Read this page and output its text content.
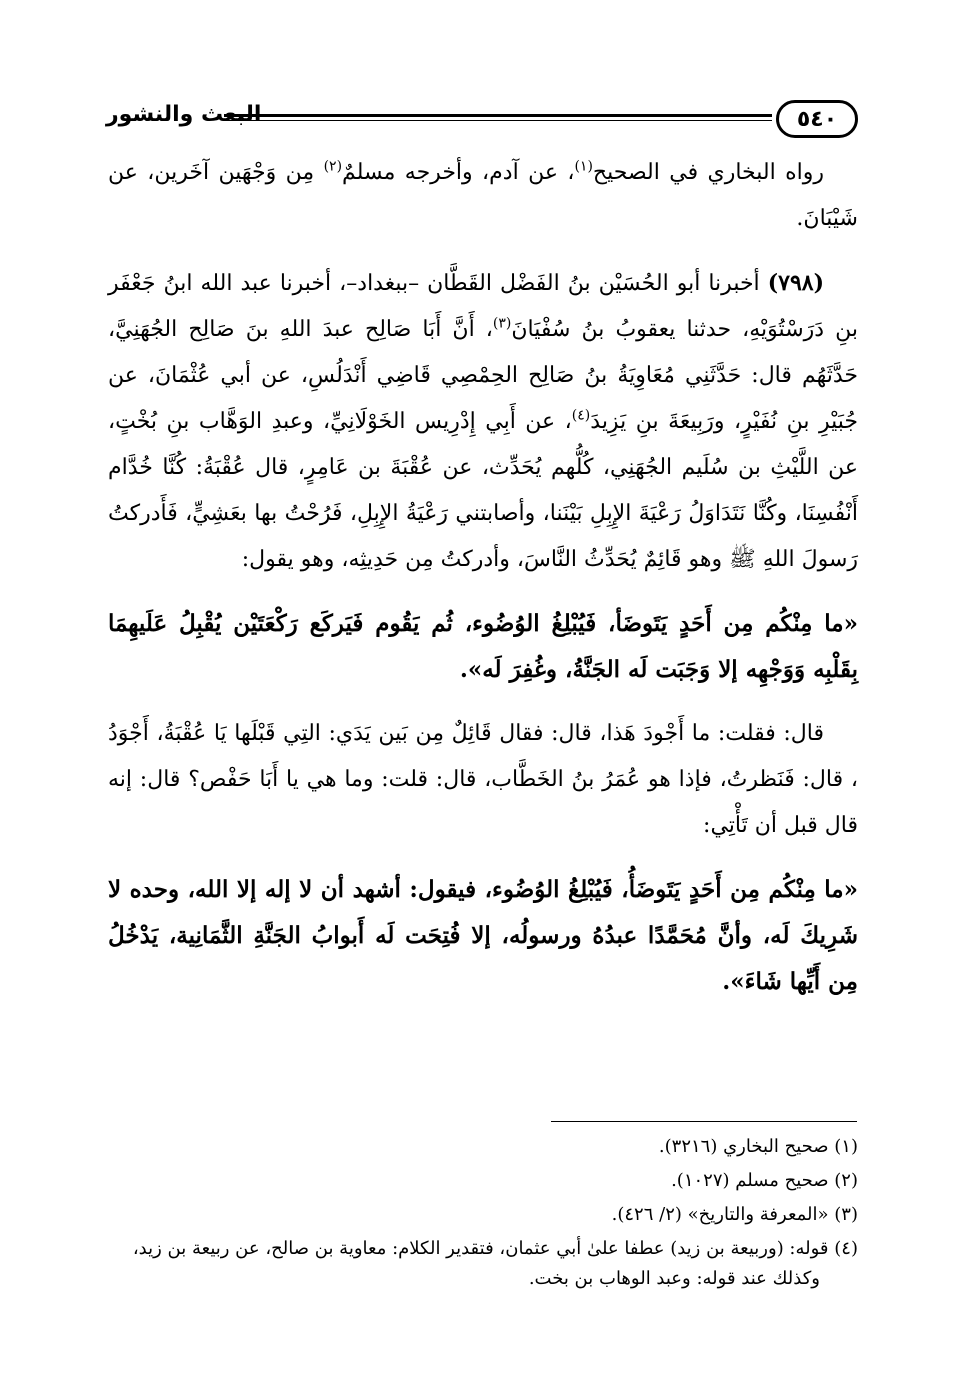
٥٤٠
البعث والنشور

رواه البخاري في الصحيح$^{(١)}$، عن آدم، وأخرجه مسلمٌ$^{(٢)}$ مِن وَجْهَين آخَرين، عن شَيْبَانَ.

(٧٩٨) أخبرنا أبو الحُسَيْن بنُ الفَضْل القَطَّان –ببغداد–، أخبرنا عبد الله ابنُ جَعْفَر بنِ دَرَسْتُوَيْهِ، حدثنا يعقوبُ بنُ سُفْيَانَ$^{(٣)}$، أَنَّ أَبَا صَالِح عبدَ اللهِ بنَ صَالِح الجُهَنِيَّ، حَدَّثَهُم قال: حَدَّثَنِي مُعَاوِيَةُ بنُ صَالِح الحِمْصِي قَاضِي أَنْدَلُسِ، عن أبي عُثْمَانَ، عن جُبَيْرِ بنِ نُفَيْرٍ، ورَبِيعَةَ بنِ يَزِيدَ$^{(٤)}$، عن أَبِي إِدْرِيس الخَوْلَانِيِّ، وعبدِ الوَهَّاب بنِ بُخْتٍ، عن اللَّيْثِ بن سُلَيم الجُهَنِي، كُلُّهم يُحَدِّث، عن عُقْبَةَ بن عَامِرٍ، قال عُقْبَةُ: كُنَّا خُدَّام أَنْفُسِنَا، وكُنَّا نَتَدَاوَلُ رَعْيَةَ الإِبِلِ بَيْنَنا، وأصابتني رَعْيَةُ الإِبِلِ، فَرُحْتُ بها بعَشِيٍّ، فَأَدركتُ رَسولَ اللهِ ﷺ وهو قَائِمٌ يُحَدِّثُ النَّاسَ، وأدركتُ مِن حَدِيثِه، وهو يقول:

«ما مِنْكُم مِن أَحَدٍ يَتَوضَأ، فَيُبْلِغُ الوُضُوء، ثُم يَقُوم فَيَركَع رَكْعَتَيْن يُقْبِلُ عَلَيهِمَا بِقَلْبِه وَوَجْهِه إلا وَجَبَت لَه الجَنَّةُ، وغُفِرَ لَه».

قال: فقلت: ما أَجْودَ هَذا، قال: فقال قَائِلٌ مِن بَين يَدَي: التِي قَبْلَها يَا عُقْبَةُ، أَجْوَدُ ، قال: فَنَظرتُ، فإذا هو عُمَرُ بنُ الخَطَّاب، قال: قلت: وما هي يا أَبَا حَفْص؟ قال: إنه قال قبل أن تَأْتِي:

«ما مِنْكُم مِن أَحَدٍ يَتَوضَأُ، فَيُبْلِغُ الوُضُوء، فيقول: أشهد أن لا إله إلا الله، وحده لا شَرِيكَ لَه، وأنَّ مُحَمَّدًا عبدُهُ ورسولُه، إلا فُتِحَت لَه أَبوابُ الجَنَّةِ الثَّمَانِية، يَدْخُلُ مِن أَيِّها شَاءَ».

(١) صحيح البخاري (٣٢١٦).

(٢) صحيح مسلم (١٠٢٧).

(٣) «المعرفة والتاريخ» (٢/ ٤٢٦).

(٤) قوله: (وربيعة بن زيد) عطفا علىٰ أبي عثمان، فتقدير الكلام: معاوية بن صالح، عن ربيعة بن زيد، وكذلك عند قوله: وعبد الوهاب بن بخت.
